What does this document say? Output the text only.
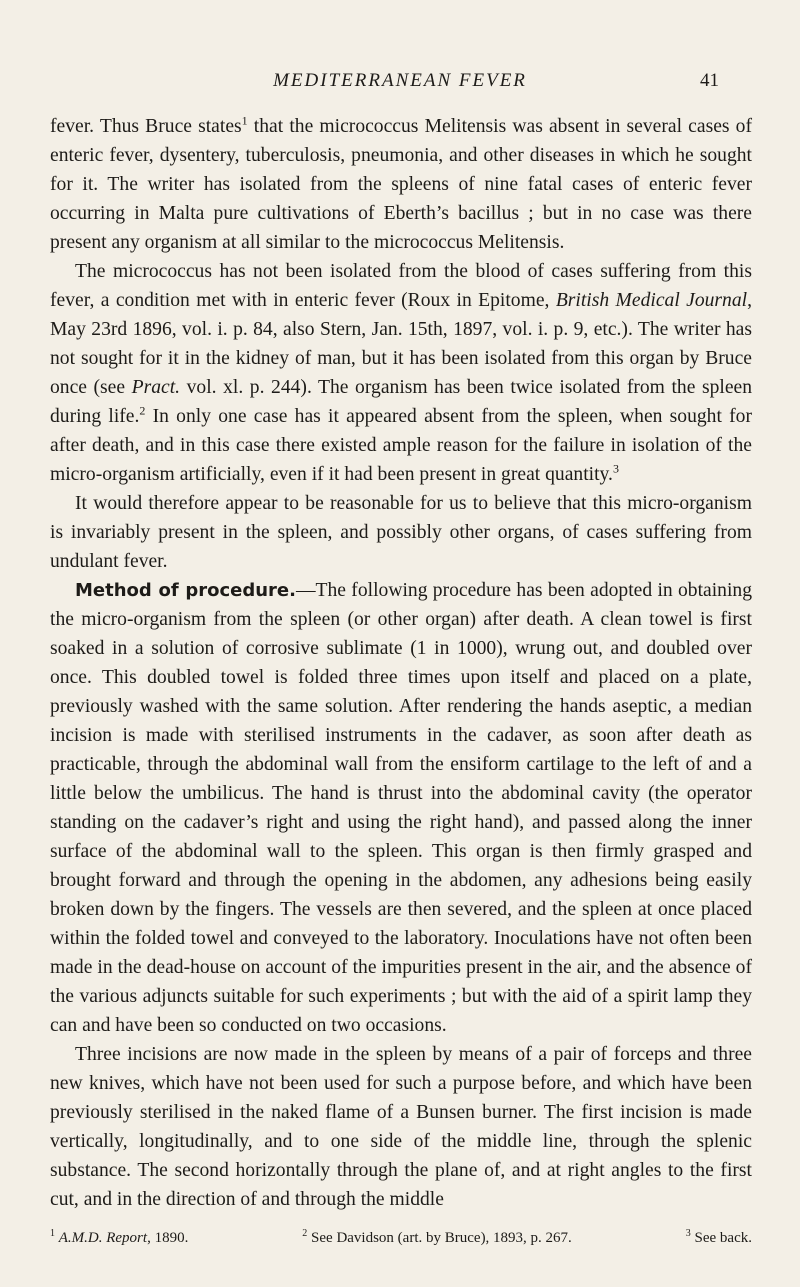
MEDITERRANEAN FEVER	41

fever. Thus Bruce states$^1$ that the micrococcus Melitensis was absent in several cases of enteric fever, dysentery, tuberculosis, pneumonia, and other diseases in which he sought for it. The writer has isolated from the spleens of nine fatal cases of enteric fever occurring in Malta pure cultivations of Eberth’s bacillus ; but in no case was there present any organism at all similar to the micrococcus Melitensis.

The micrococcus has not been isolated from the blood of cases suffering from this fever, a condition met with in enteric fever (Roux in Epitome, British Medical Journal, May 23rd 1896, vol. i. p. 84, also Stern, Jan. 15th, 1897, vol. i. p. 9, etc.). The writer has not sought for it in the kidney of man, but it has been isolated from this organ by Bruce once (see Pract. vol. xl. p. 244). The organism has been twice isolated from the spleen during life.$^2$ In only one case has it appeared absent from the spleen, when sought for after death, and in this case there existed ample reason for the failure in isolation of the micro-organism artificially, even if it had been present in great quantity.$^3$

It would therefore appear to be reasonable for us to believe that this micro-organism is invariably present in the spleen, and possibly other organs, of cases suffering from undulant fever.

Method of procedure.—The following procedure has been adopted in obtaining the micro-organism from the spleen (or other organ) after death. A clean towel is first soaked in a solution of corrosive sublimate (1 in 1000), wrung out, and doubled over once. This doubled towel is folded three times upon itself and placed on a plate, previously washed with the same solution. After rendering the hands aseptic, a median incision is made with sterilised instruments in the cadaver, as soon after death as practicable, through the abdominal wall from the ensiform cartilage to the left of and a little below the umbilicus. The hand is thrust into the abdominal cavity (the operator standing on the cadaver’s right and using the right hand), and passed along the inner surface of the abdominal wall to the spleen. This organ is then firmly grasped and brought forward and through the opening in the abdomen, any adhesions being easily broken down by the fingers. The vessels are then severed, and the spleen at once placed within the folded towel and conveyed to the laboratory. Inoculations have not often been made in the dead-house on account of the impurities present in the air, and the absence of the various adjuncts suitable for such experiments ; but with the aid of a spirit lamp they can and have been so conducted on two occasions.

Three incisions are now made in the spleen by means of a pair of forceps and three new knives, which have not been used for such a purpose before, and which have been previously sterilised in the naked flame of a Bunsen burner. The first incision is made vertically, longitudinally, and to one side of the middle line, through the splenic substance. The second horizontally through the plane of, and at right angles to the first cut, and in the direction of and through the middle

$^1$ A.M.D. Report, 1890.	$^2$ See Davidson (art. by Bruce), 1893, p. 267.	$^3$ See back.
